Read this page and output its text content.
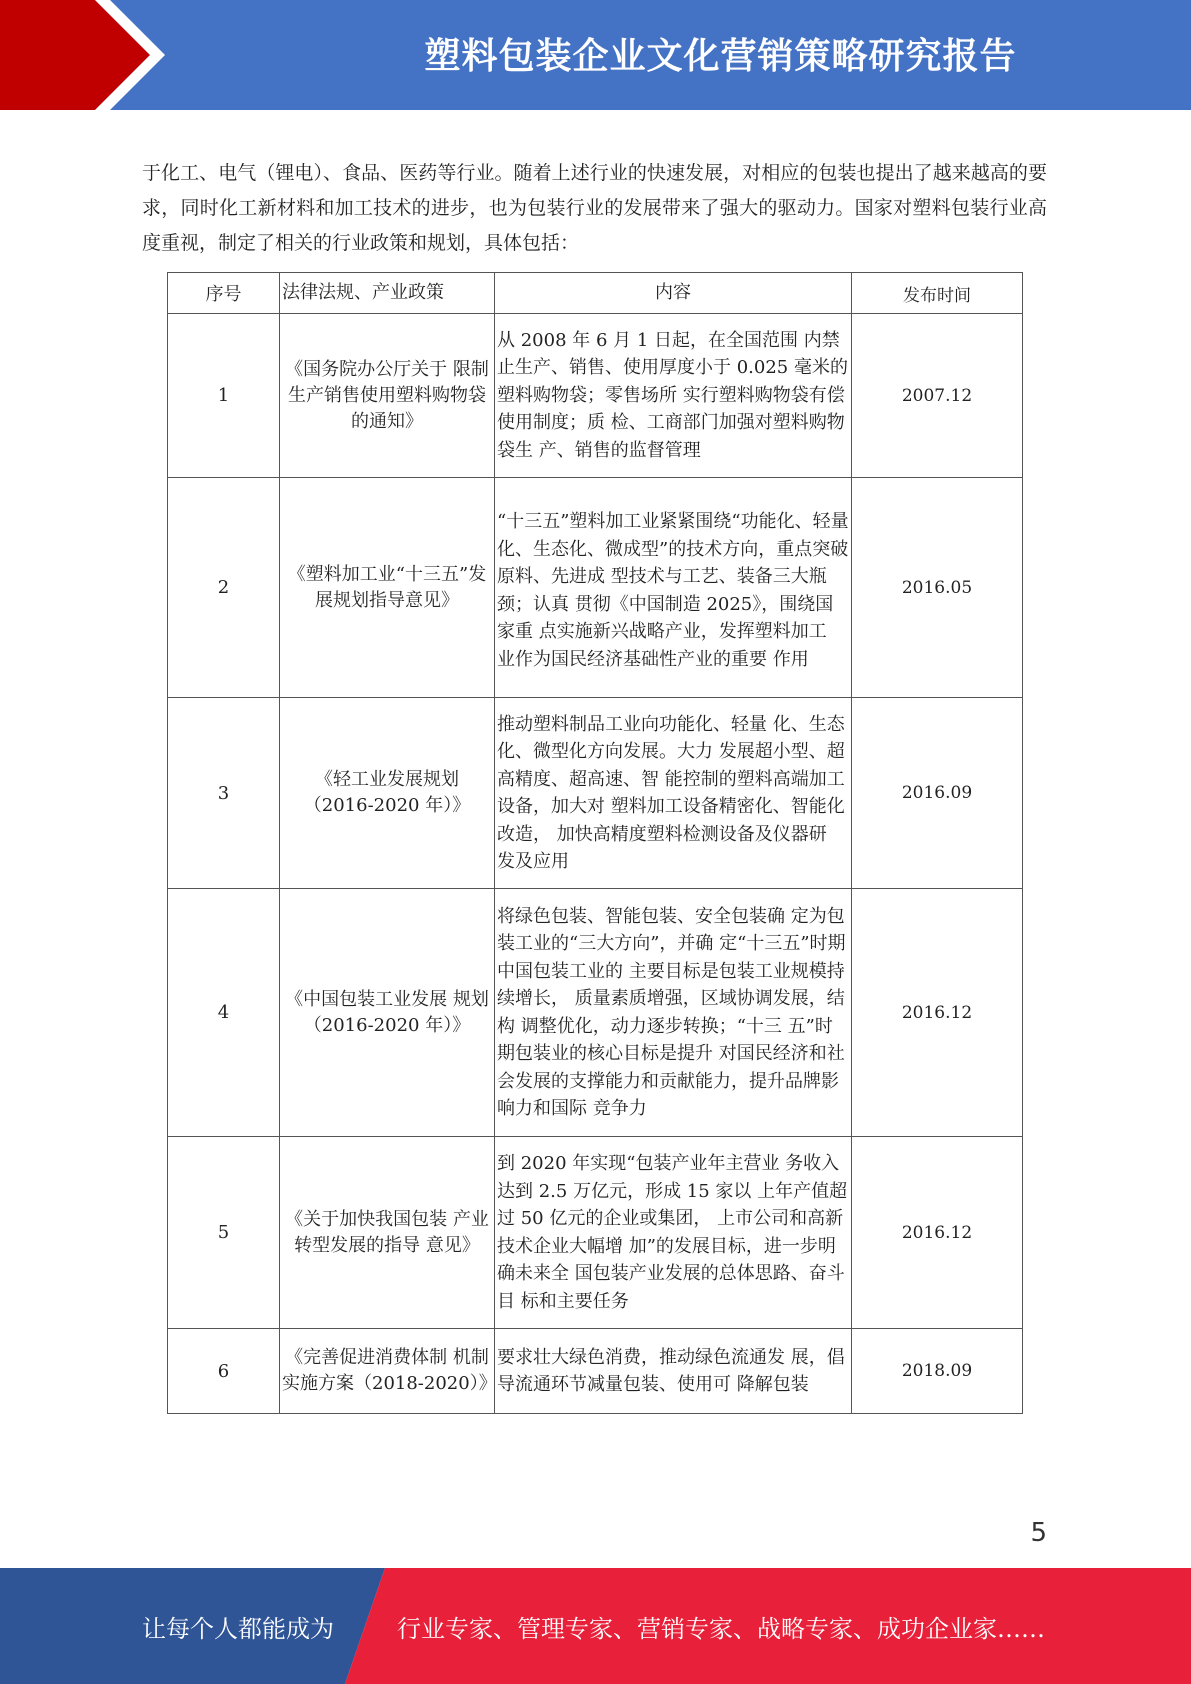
塑料包装企业文化营销策略研究报告

于化工、电气（锂电）、食品、医药等行业。随着上述行业的快速发展，对相应的包装也提出了越来越高的要求，同时化工新材料和加工技术的进步，也为包装行业的发展带来了强大的驱动力。国家对塑料包装行业高度重视，制定了相关的行业政策和规划，具体包括：

序号	法律法规、产业政策	内容	发布时间
1	《国务院办公厅关于 限制生产销售使用塑料购物袋的通知》	从 2008 年 6 月 1 日起，在全国范围 内禁止生产、销售、使用厚度小于 0.025 毫米的塑料购物袋；零售场所 实行塑料购物袋有偿使用制度；质 检、工商部门加强对塑料购物袋生 产、销售的监督管理	2007.12
2	《塑料加工业“十三五”发展规划指导意见》	“十三五”塑料加工业紧紧围绕“功能化、轻量化、生态化、微成型”的技术方向，重点突破原料、先进成 型技术与工艺、装备三大瓶颈；认真 贯彻《中国制造 2025》，围绕国家重 点实施新兴战略产业，发挥塑料加工 业作为国民经济基础性产业的重要 作用	2016.05
3	《轻工业发展规划（2016-2020 年）》	推动塑料制品工业向功能化、轻量 化、生态化、微型化方向发展。大力 发展超小型、超高精度、超高速、智 能控制的塑料高端加工设备，加大对 塑料加工设备精密化、智能化改造， 加快高精度塑料检测设备及仪器研 发及应用	2016.09
4	《中国包装工业发展 规划（2016-2020 年）》	将绿色包装、智能包装、安全包装确 定为包装工业的“三大方向”，并确 定“十三五”时期中国包装工业的 主要目标是包装工业规模持续增长， 质量素质增强，区域协调发展，结构 调整优化，动力逐步转换；“十三 五”时期包装业的核心目标是提升 对国民经济和社会发展的支撑能力和贡献能力，提升品牌影响力和国际 竞争力	2016.12
5	《关于加快我国包装 产业转型发展的指导 意见》	到 2020 年实现“包装产业年主营业 务收入达到 2.5 万亿元，形成 15 家以 上年产值超过 50 亿元的企业或集团， 上市公司和高新技术企业大幅增 加”的发展目标，进一步明确未来全 国包装产业发展的总体思路、奋斗目 标和主要任务	2016.12
6	《完善促进消费体制 机制实施方案（2018-2020）》	要求壮大绿色消费，推动绿色流通发 展，倡导流通环节减量包装、使用可 降解包装	2018.09
5
让每个人都能成为	行业专家、管理专家、营销专家、战略专家、成功企业家……
